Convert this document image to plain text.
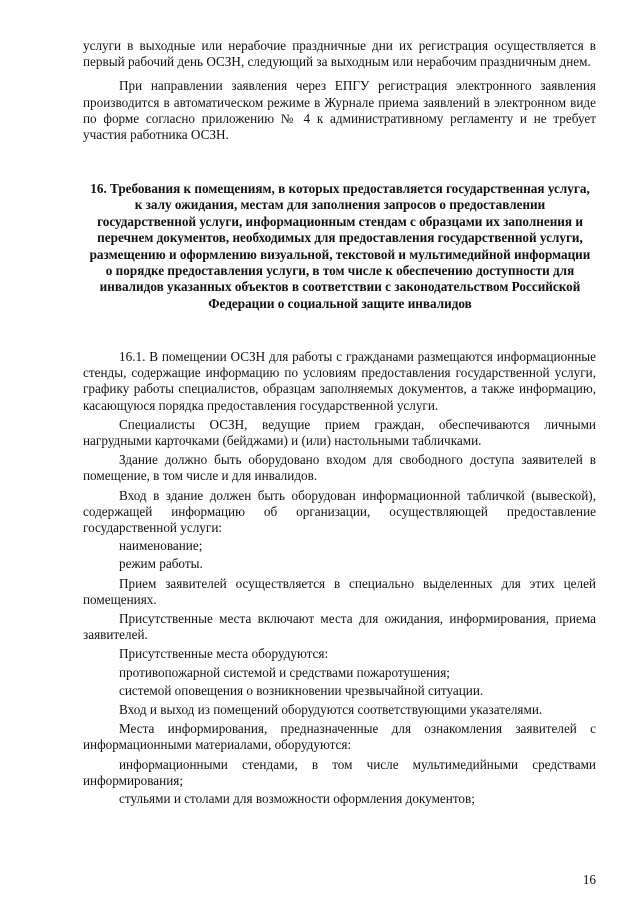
услуги в выходные или нерабочие праздничные дни их регистрация осуществляется в первый рабочий день ОСЗН, следующий за выходным или нерабочим праздничным днем.

При направлении заявления через ЕПГУ регистрация электронного заявления производится в автоматическом режиме в Журнале приема заявлений в электронном виде по форме согласно приложению № 4 к административному регламенту и не требует участия работника ОСЗН.

16. Требования к помещениям, в которых предоставляется государственная услуга, к залу ожидания, местам для заполнения запросов о предоставлении государственной услуги, информационным стендам с образцами их заполнения и перечнем документов, необходимых для предоставления государственной услуги, размещению и оформлению визуальной, текстовой и мультимедийной информации о порядке предоставления услуги, в том числе к обеспечению доступности для инвалидов указанных объектов в соответствии с законодательством Российской Федерации о социальной защите инвалидов

16.1. В помещении ОСЗН для работы с гражданами размещаются информационные стенды, содержащие информацию по условиям предоставления государственной услуги, графику работы специалистов, образцам заполняемых документов, а также информацию, касающуюся порядка предоставления государственной услуги.

Специалисты ОСЗН, ведущие прием граждан, обеспечиваются личными нагрудными карточками (бейджами) и (или) настольными табличками.

Здание должно быть оборудовано входом для свободного доступа заявителей в помещение, в том числе и для инвалидов.

Вход в здание должен быть оборудован информационной табличкой (вывеской), содержащей информацию об организации, осуществляющей предоставление государственной услуги:

наименование;

режим работы.

Прием заявителей осуществляется в специально выделенных для этих целей помещениях.

Присутственные места включают места для ожидания, информирования, приема заявителей.

Присутственные места оборудуются:

противопожарной системой и средствами пожаротушения;

системой оповещения о возникновении чрезвычайной ситуации.

Вход и выход из помещений оборудуются соответствующими указателями.

Места информирования, предназначенные для ознакомления заявителей с информационными материалами, оборудуются:

информационными стендами, в том числе мультимедийными средствами информирования;

стульями и столами для возможности оформления документов;

16
